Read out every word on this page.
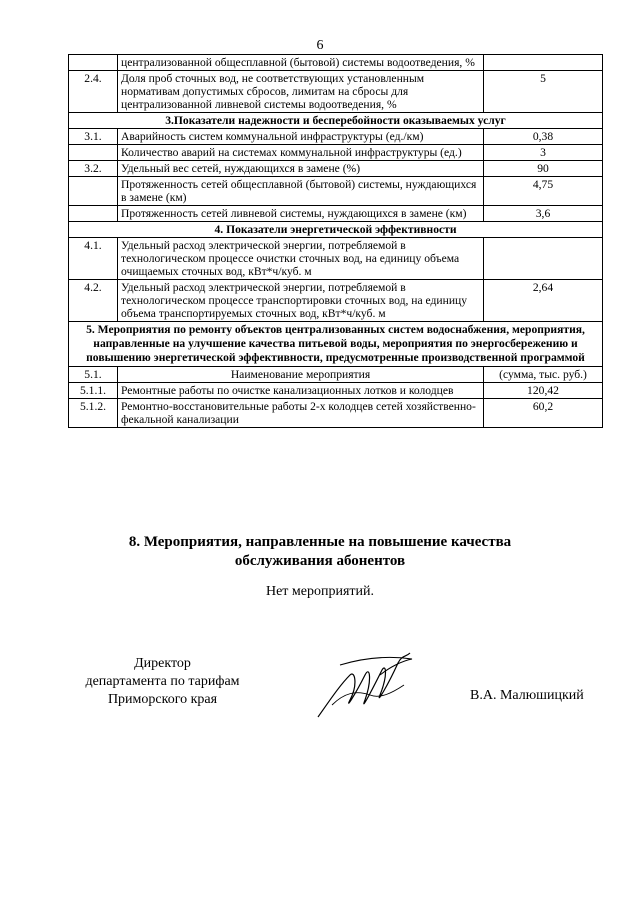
6
	централизованной общесплавной (бытовой) системы водоотведения, %	
2.4.	Доля проб сточных вод, не соответствующих установленным нормативам допустимых сбросов, лимитам на сбросы для централизованной ливневой системы водоотведения, %	5
3.Показатели надежности и бесперебойности оказываемых услуг		
3.1.	Аварийность систем коммунальной инфраструктуры (ед./км)	0,38
	Количество аварий на системах коммунальной инфраструктуры (ед.)	3
3.2.	Удельный вес сетей, нуждающихся в замене (%)	90
	Протяженность сетей общесплавной (бытовой) системы, нуждающихся в замене (км)	4,75
	Протяженность сетей ливневой системы, нуждающихся в замене (км)	3,6
4. Показатели энергетической эффективности		
4.1.	Удельный расход электрической энергии, потребляемой в технологическом процессе очистки сточных вод, на единицу объема очищаемых сточных вод, кВт*ч/куб. м	
4.2.	Удельный расход электрической энергии, потребляемой в технологическом процессе транспортировки сточных вод, на единицу объема транспортируемых сточных вод, кВт*ч/куб. м	2,64
5. Мероприятия по ремонту объектов централизованных систем водоснабжения, мероприятия, направленные на улучшение качества питьевой воды, мероприятия по энергосбережению и повышению энергетической эффективности, предусмотренные производственной программой		
5.1.	Наименование мероприятия	(сумма, тыс. руб.)
5.1.1.	Ремонтные работы по очистке канализационных лотков и колодцев	120,42
5.1.2.	Ремонтно-восстановительные работы 2-х колодцев сетей хозяйственно-фекальной канализации	60,2
8. Мероприятия, направленные на повышение качества
обслуживания абонентов
Нет мероприятий.
Директор
департамента по тарифам
Приморского края	В.А. Малюшицкий
